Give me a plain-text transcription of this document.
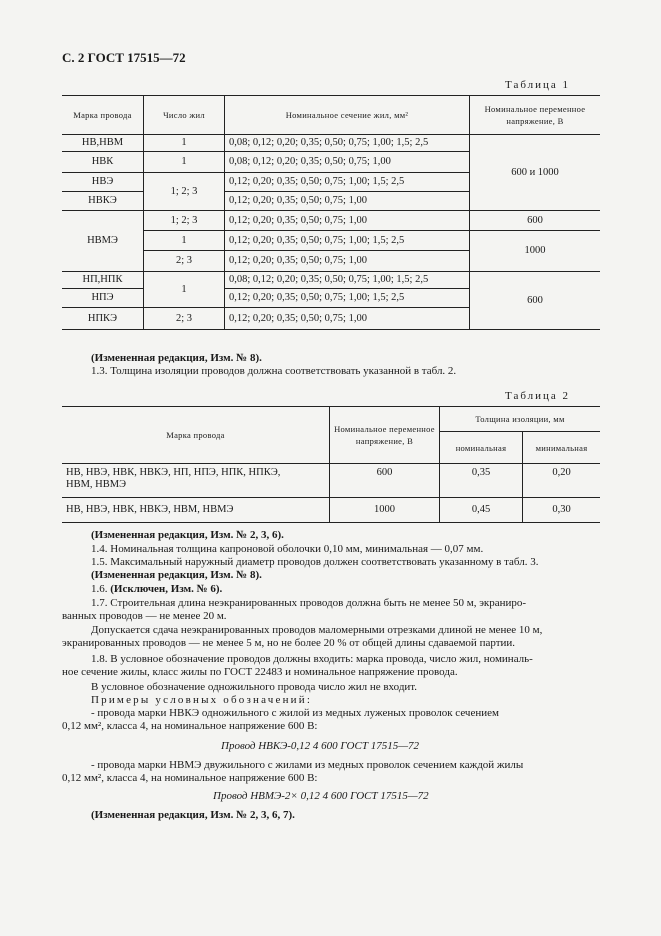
С. 2 ГОСТ 17515—72
Таблица 1
Марка провода	Число жил	Номинальное сечение жил, мм²	Номинальное переменное напряжение, В
НВ,НВМ	1	0,08; 0,12; 0,20; 0,35; 0,50; 0,75; 1,00; 1,5; 2,5	600 и 1000
НВК	1	0,08; 0,12; 0,20; 0,35; 0,50; 0,75; 1,00	
НВЭ	1; 2; 3	0,12; 0,20; 0,35; 0,50; 0,75; 1,00; 1,5; 2,5	
НВКЭ		0,12; 0,20; 0,35; 0,50; 0,75; 1,00	
НВМЭ	1; 2; 3	0,12; 0,20; 0,35; 0,50; 0,75; 1,00	600
	1	0,12; 0,20; 0,35; 0,50; 0,75; 1,00; 1,5; 2,5	1000
	2; 3	0,12; 0,20; 0,35; 0,50; 0,75; 1,00	
НП,НПК	1	0,08; 0,12; 0,20; 0,35; 0,50; 0,75; 1,00; 1,5; 2,5	600
НПЭ		0,12; 0,20; 0,35; 0,50; 0,75; 1,00; 1,5; 2,5	
НПКЭ	2; 3	0,12; 0,20; 0,35; 0,50; 0,75; 1,00	
(Измененная редакция, Изм. № 8).
1.3. Толщина изоляции проводов должна соответствовать указанной в табл. 2.
Таблица 2
Марка провода	Номинальное переменное напряжение, В	Толщина изоляции, мм	
		номинальная	минимальная

НВ, НВЭ, НВК, НВКЭ, НП, НПЭ, НПК, НПКЭ,
НВМ, НВМЭ	600	0,35	0,20
НВ, НВЭ, НВК, НВКЭ, НВМ, НВМЭ	1000	0,45	0,30
(Измененная редакция, Изм. № 2, 3, 6).
1.4. Номинальная толщина капроновой оболочки 0,10 мм, минимальная — 0,07 мм.
1.5. Максимальный наружный диаметр проводов должен соответствовать указанному в табл. 3.
(Измененная редакция, Изм. № 8).
1.6. (Исключен, Изм. № 6).
1.7. Строительная длина неэкранированных проводов должна быть не менее 50 м, экраниро-
ванных проводов — не менее 20 м.
Допускается сдача неэкранированных проводов маломерными отрезками длиной не менее 10 м,
экранированных проводов — не менее 5 м, но не более 20 % от общей длины сдаваемой партии.
1.8. В условное обозначение проводов должны входить: марка провода, число жил, номиналь-
ное сечение жилы, класс жилы по ГОСТ 22483 и номинальное напряжение провода.
В условное обозначение одножильного провода число жил не входит.
Примеры условных обозначений:
- провода марки НВКЭ одножильного с жилой из медных луженых проволок сечением
0,12 мм², класса 4, на номинальное напряжение 600 В:
Провод НВКЭ-0,12 4 600 ГОСТ 17515—72
- провода марки НВМЭ двужильного с жилами из медных проволок сечением каждой жилы
0,12 мм², класса 4, на номинальное напряжение 600 В:
Провод НВМЭ-2× 0,12 4 600 ГОСТ 17515—72
(Измененная редакция, Изм. № 2, 3, 6, 7).
